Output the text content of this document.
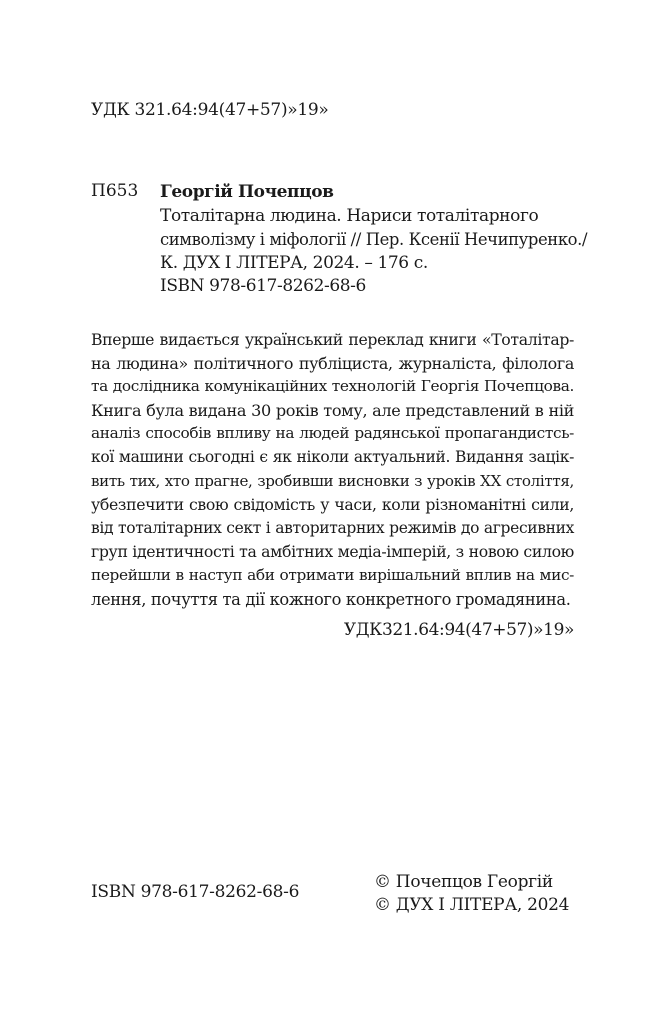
УДК 321.64:94(47+57)»19»
П653 Георгій Почепцов
Тоталітарна людина. Нариси тоталітарного
символізму і міфології // Пер. Ксенії Нечипуренко./
К. ДУХ І ЛІТЕРА, 2024. – 176 с.
ISBN 978-617-8262-68-6
Вперше видається український переклад книги «Тоталітар-
на людина» політичного публіциста, журналіста, філолога
та дослідника комунікаційних технологій Георгія Почепцова.
Книга була видана 30 років тому, але представлений в ній
аналіз способів впливу на людей радянської пропагандистсь-
кої машини сьогодні є як ніколи актуальний. Видання зацік-
вить тих, хто прагне, зробивши висновки з уроків XX століття,
убезпечити свою свідомість у часи, коли різноманітні сили,
від тоталітарних сект і авторитарних режимів до агресивних
груп ідентичності та амбітних медіа-імперій, з новою силою
перейшли в наступ аби отримати вирішальний вплив на мис-
лення, почуття та дії кожного конкретного громадянина.
УДК321.64:94(47+57)»19»
ISBN 978-617-8262-68-6	© Почепцов Георгій
© ДУХ І ЛІТЕРА, 2024
